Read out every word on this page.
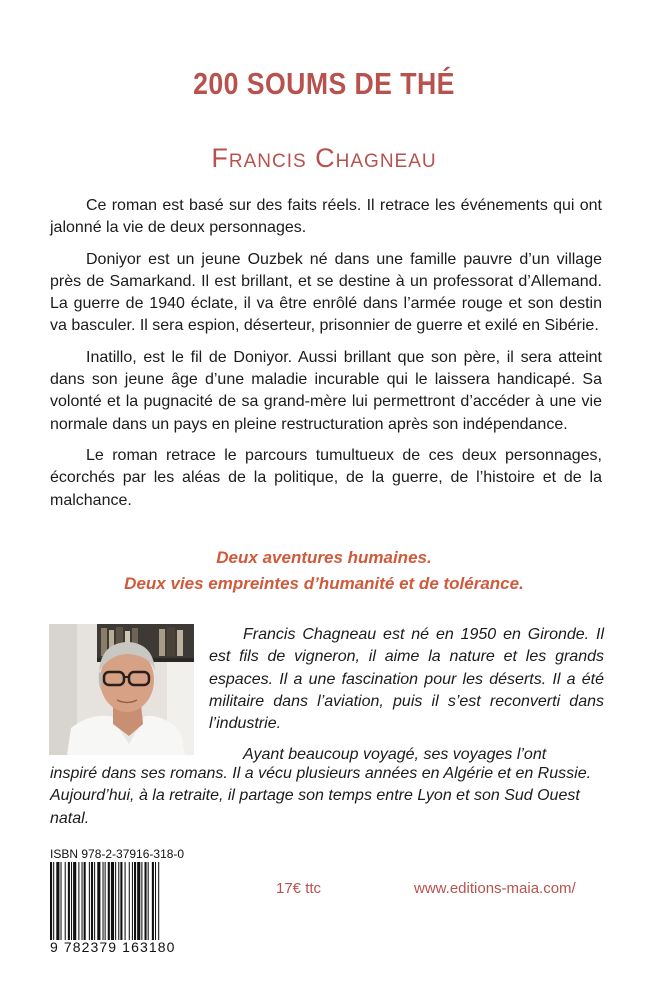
200 SOUMS DE THÉ
Francis Chagneau

Ce roman est basé sur des faits réels. Il retrace les événements qui ont jalonné la vie de deux personnages.

Doniyor est un jeune Ouzbek né dans une famille pauvre d’un village près de Samarkand. Il est brillant, et se destine à un professorat d’Allemand. La guerre de 1940 éclate, il va être enrôlé dans l’armée rouge et son destin va basculer. Il sera espion, déserteur, prisonnier de guerre et exilé en Sibérie.

Inatillo, est le fil de Doniyor. Aussi brillant que son père, il sera atteint dans son jeune âge d’une maladie incurable qui le laissera handicapé. Sa volonté et la pugnacité de sa grand-mère lui permettront d’accéder à une vie normale dans un pays en pleine restructuration après son indépendance.

Le roman retrace le parcours tumultueux de ces deux personnages, écorchés par les aléas de la politique, de la guerre, de l’histoire et de la malchance.

Deux aventures humaines.
Deux vies empreintes d’humanité et de tolérance.

Francis Chagneau est né en 1950 en Gironde. Il est fils de vigneron, il aime la nature et les grands espaces. Il a une fascination pour les déserts. Il a été militaire dans l’aviation, puis il s’est reconverti dans l’industrie.

Ayant beaucoup voyagé, ses voyages l’ont

inspiré dans ses romans. Il a vécu plusieurs années en Algérie et en Russie. Aujourd’hui, à la retraite, il partage son temps entre Lyon et son Sud Ouest natal.
ISBN 978-2-37916-318-0
9 782379 163180
17€ ttc	www.editions-maia.com/
